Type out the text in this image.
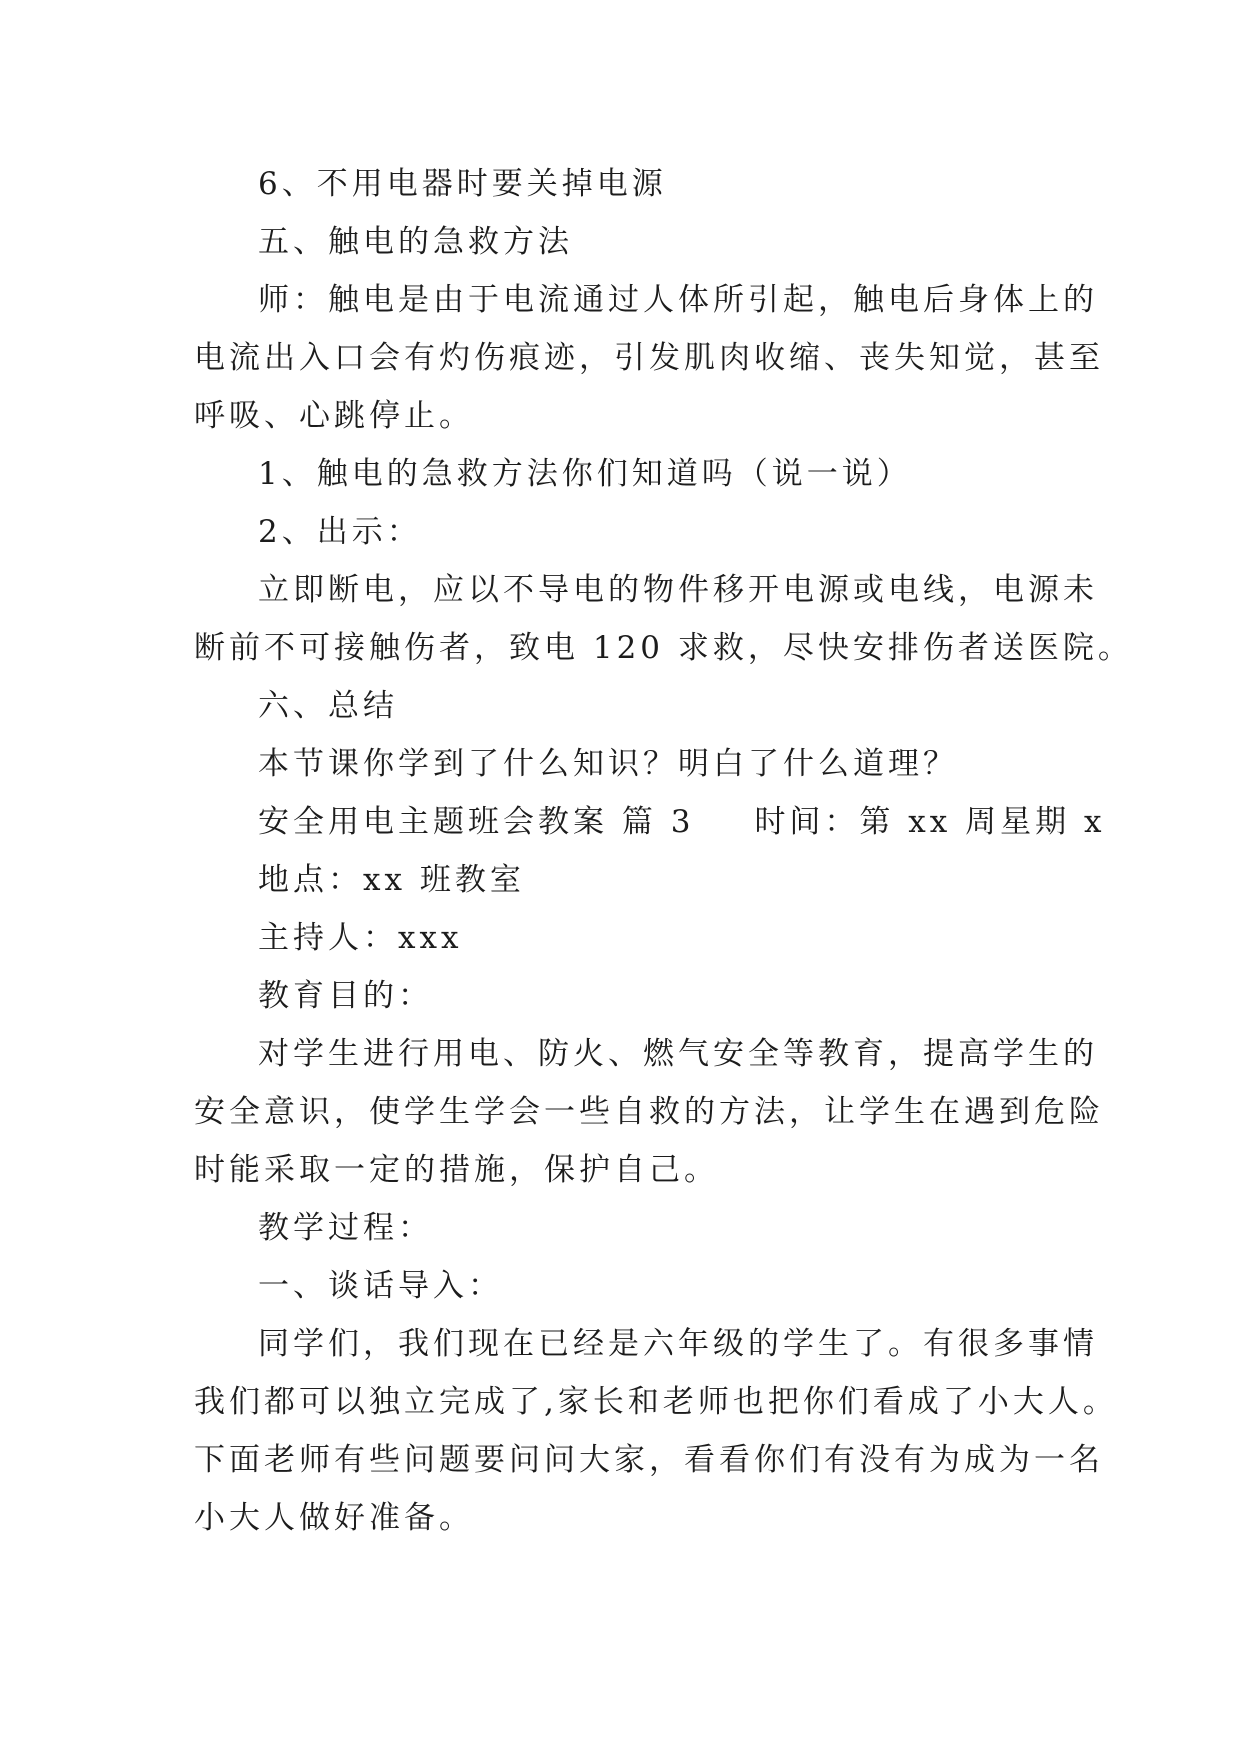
6、不用电器时要关掉电源
五、触电的急救方法
师：触电是由于电流通过人体所引起，触电后身体上的
电流出入口会有灼伤痕迹，引发肌肉收缩、丧失知觉，甚至
呼吸、心跳停止。
1、触电的急救方法你们知道吗（说一说）
2、出示：
立即断电，应以不导电的物件移开电源或电线，电源未
断前不可接触伤者，致电 120 求救，尽快安排伤者送医院。
六、总结
本节课你学到了什么知识？明白了什么道理？
安全用电主题班会教案 篇 3 时间：第 xx 周星期 x
地点：xx 班教室
主持人：xxx
教育目的：
对学生进行用电、防火、燃气安全等教育，提高学生的
安全意识，使学生学会一些自救的方法，让学生在遇到危险
时能采取一定的措施，保护自己。
教学过程：
一、谈话导入：
同学们，我们现在已经是六年级的学生了。有很多事情
我们都可以独立完成了,家长和老师也把你们看成了小大人。
下面老师有些问题要问问大家，看看你们有没有为成为一名
小大人做好准备。
